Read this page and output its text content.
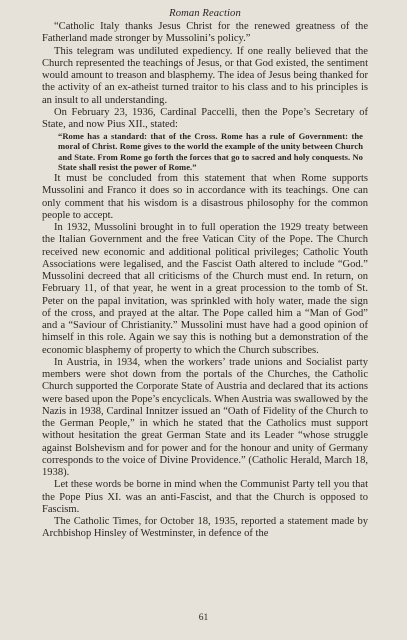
Roman Reaction

“Catholic Italy thanks Jesus Christ for the renewed greatness of the Fatherland made stronger by Mussolini’s policy.”

This telegram was undiluted expediency. If one really believed that the Church represented the teachings of Jesus, or that God existed, the sentiment would amount to treason and blasphemy. The idea of Jesus being thanked for the activity of an ex-atheist turned traitor to his class and to his principles is an insult to all understanding.

On February 23, 1936, Cardinal Paccelli, then the Pope’s Secretary of State, and now Pius XII., stated:

“Rome has a standard: that of the Cross. Rome has a rule of Government: the moral of Christ. Rome gives to the world the example of the unity between Church and State. From Rome go forth the forces that go to sacred and holy conquests. No State shall resist the power of Rome.”

It must be concluded from this statement that when Rome supports Mussolini and Franco it does so in accordance with its teachings. One can only comment that his wisdom is a disastrous philosophy for the common people to accept.

In 1932, Mussolini brought in to full operation the 1929 treaty between the Italian Government and the free Vatican City of the Pope. The Church received new economic and additional political privileges; Catholic Youth Associations were legalised, and the Fascist Oath altered to include “God.” Mussolini decreed that all criticisms of the Church must end. In return, on February 11, of that year, he went in a great procession to the tomb of St. Peter on the papal invitation, was sprinkled with holy water, made the sign of the cross, and prayed at the altar. The Pope called him a “Man of God” and a “Saviour of Christianity.” Mussolini must have had a good opinion of himself in this role. Again we say this is nothing but a demonstration of the economic blasphemy of property to which the Church subscribes.

In Austria, in 1934, when the workers’ trade unions and Socialist party members were shot down from the portals of the Churches, the Catholic Church supported the Corporate State of Austria and declared that its actions were based upon the Pope’s encyclicals. When Austria was swallowed by the Nazis in 1938, Cardinal Innitzer issued an “Oath of Fidelity of the Church to the German People,” in which he stated that the Catholics must support without hesitation the great German State and its Leader “whose struggle against Bolshevism and for power and for the honour and unity of Germany corresponds to the voice of Divine Providence.” (Catholic Herald, March 18, 1938).

Let these words be borne in mind when the Communist Party tell you that the Pope Pius XI. was an anti-Fascist, and that the Church is opposed to Fascism.

The Catholic Times, for October 18, 1935, reported a statement made by Archbishop Hinsley of Westminster, in defence of the

61
